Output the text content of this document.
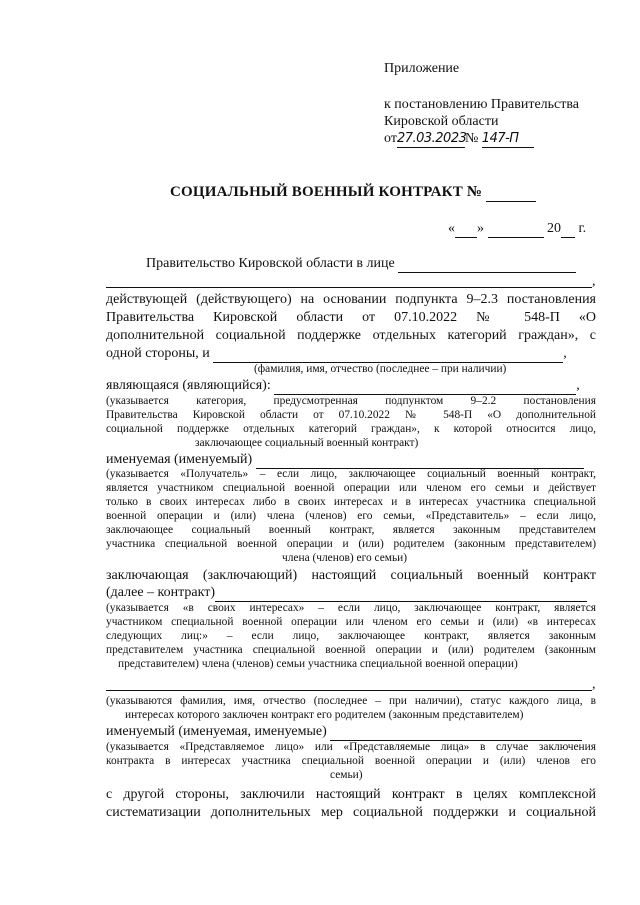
Приложение
к постановлению Правительства
Кировской области
от27.03.2023№ 147-П
СОЦИАЛЬНЫЙ ВОЕННЫЙ КОНТРАКТ №
« »	20 г.
Правительство Кировской области в лице
,
действующей (действующего) на основании подпункта 9–2.3 постановления
Правительства Кировской области от 07.10.2022 № 548-П «О
дополнительной социальной поддержке отдельных категорий граждан», с
одной стороны, и	,
(фамилия, имя, отчество (последнее – при наличии)
являющаяся (являющийся):	,
(указывается категория, предусмотренная подпунктом 9–2.2 постановления
Правительства Кировской области от 07.10.2022 № 548-П «О дополнительной
социальной поддержке отдельных категорий граждан», к которой относится лицо,
заключающее социальный военный контракт)
именуемая (именуемый)
(указывается «Получатель» – если лицо, заключающее социальный военный контракт,
является участником специальной военной операции или членом его семьи и действует
только в своих интересах либо в своих интересах и в интересах участника специальной
военной операции и (или) члена (членов) его семьи, «Представитель» – если лицо,
заключающее социальный военный контракт, является законным представителем
участника специальной военной операции и (или) родителем (законным представителем)
члена (членов) его семьи)
заключающая (заключающий) настоящий социальный военный контракт
(далее – контракт)
(указывается «в своих интересах» – если лицо, заключающее контракт, является
участником специальной военной операции или членом его семьи и (или) «в интересах
следующих лиц:» – если лицо, заключающее контракт, является законным
представителем участника специальной военной операции и (или) родителем (законным
представителем) члена (членов) семьи участника специальной военной операции)
,
(указываются фамилия, имя, отчество (последнее – при наличии), статус каждого лица, в
интересах которого заключен контракт его родителем (законным представителем)
именуемый (именуемая, именуемые)
(указывается «Представляемое лицо» или «Представляемые лица» в случае заключения
контракта в интересах участника специальной военной операции и (или) членов его
семьи)
с другой стороны, заключили настоящий контракт в целях комплексной
систематизации дополнительных мер социальной поддержки и социальной
